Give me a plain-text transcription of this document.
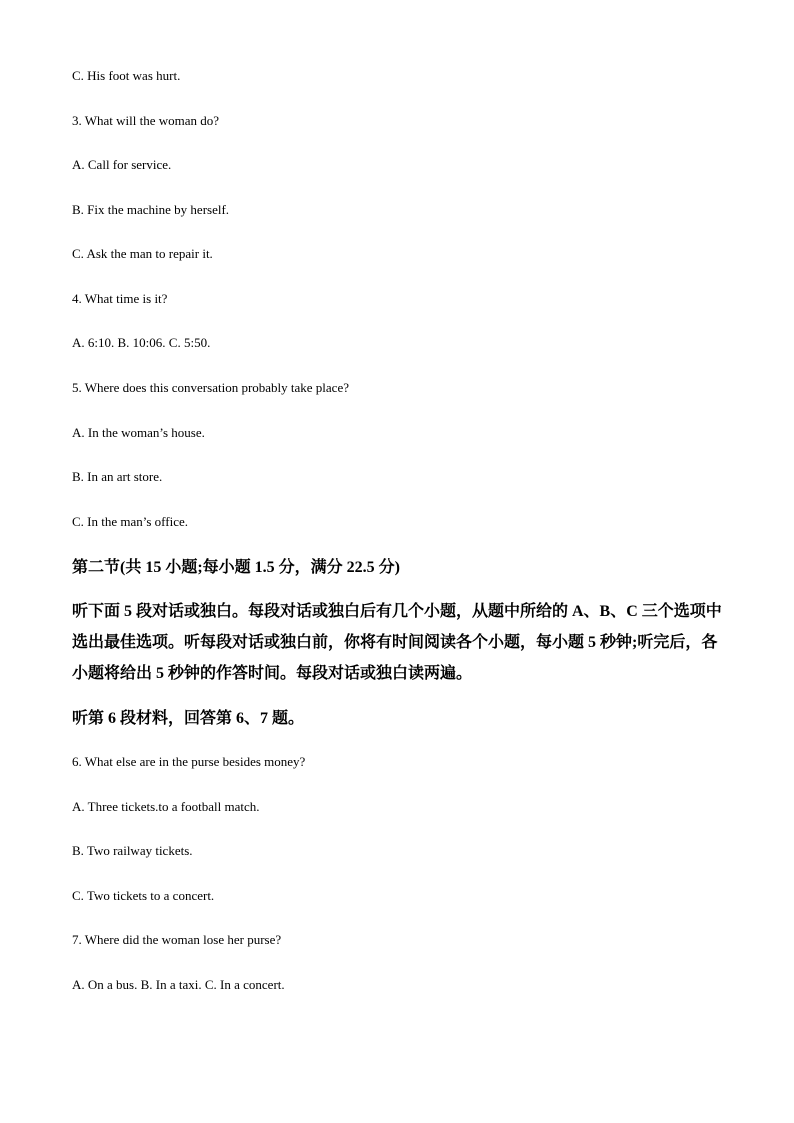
C. His foot was hurt.
3. What will the woman do?
A. Call for service.
B. Fix the machine by herself.
C. Ask the man to repair it.
4. What time is it?
A. 6:10. B. 10:06. C. 5:50.
5. Where does this conversation probably take place?
A. In the woman’s house.
B. In an art store.
C. In the man’s office.
第二节(共 15 小题;每小题 1.5 分，满分 22.5 分)
听下面 5 段对话或独白。每段对话或独白后有几个小题，从题中所给的 A、B、C 三个选项中选出最佳选项。听每段对话或独白前，你将有时间阅读各个小题，每小题 5 秒钟;听完后，各小题将给出 5 秒钟的作答时间。每段对话或独白读两遍。
听第 6 段材料，回答第 6、7 题。
6. What else are in the purse besides money?
A. Three tickets.to a football match.
B. Two railway tickets.
C. Two tickets to a concert.
7. Where did the woman lose her purse?
A. On a bus. B. In a taxi. C. In a concert.
